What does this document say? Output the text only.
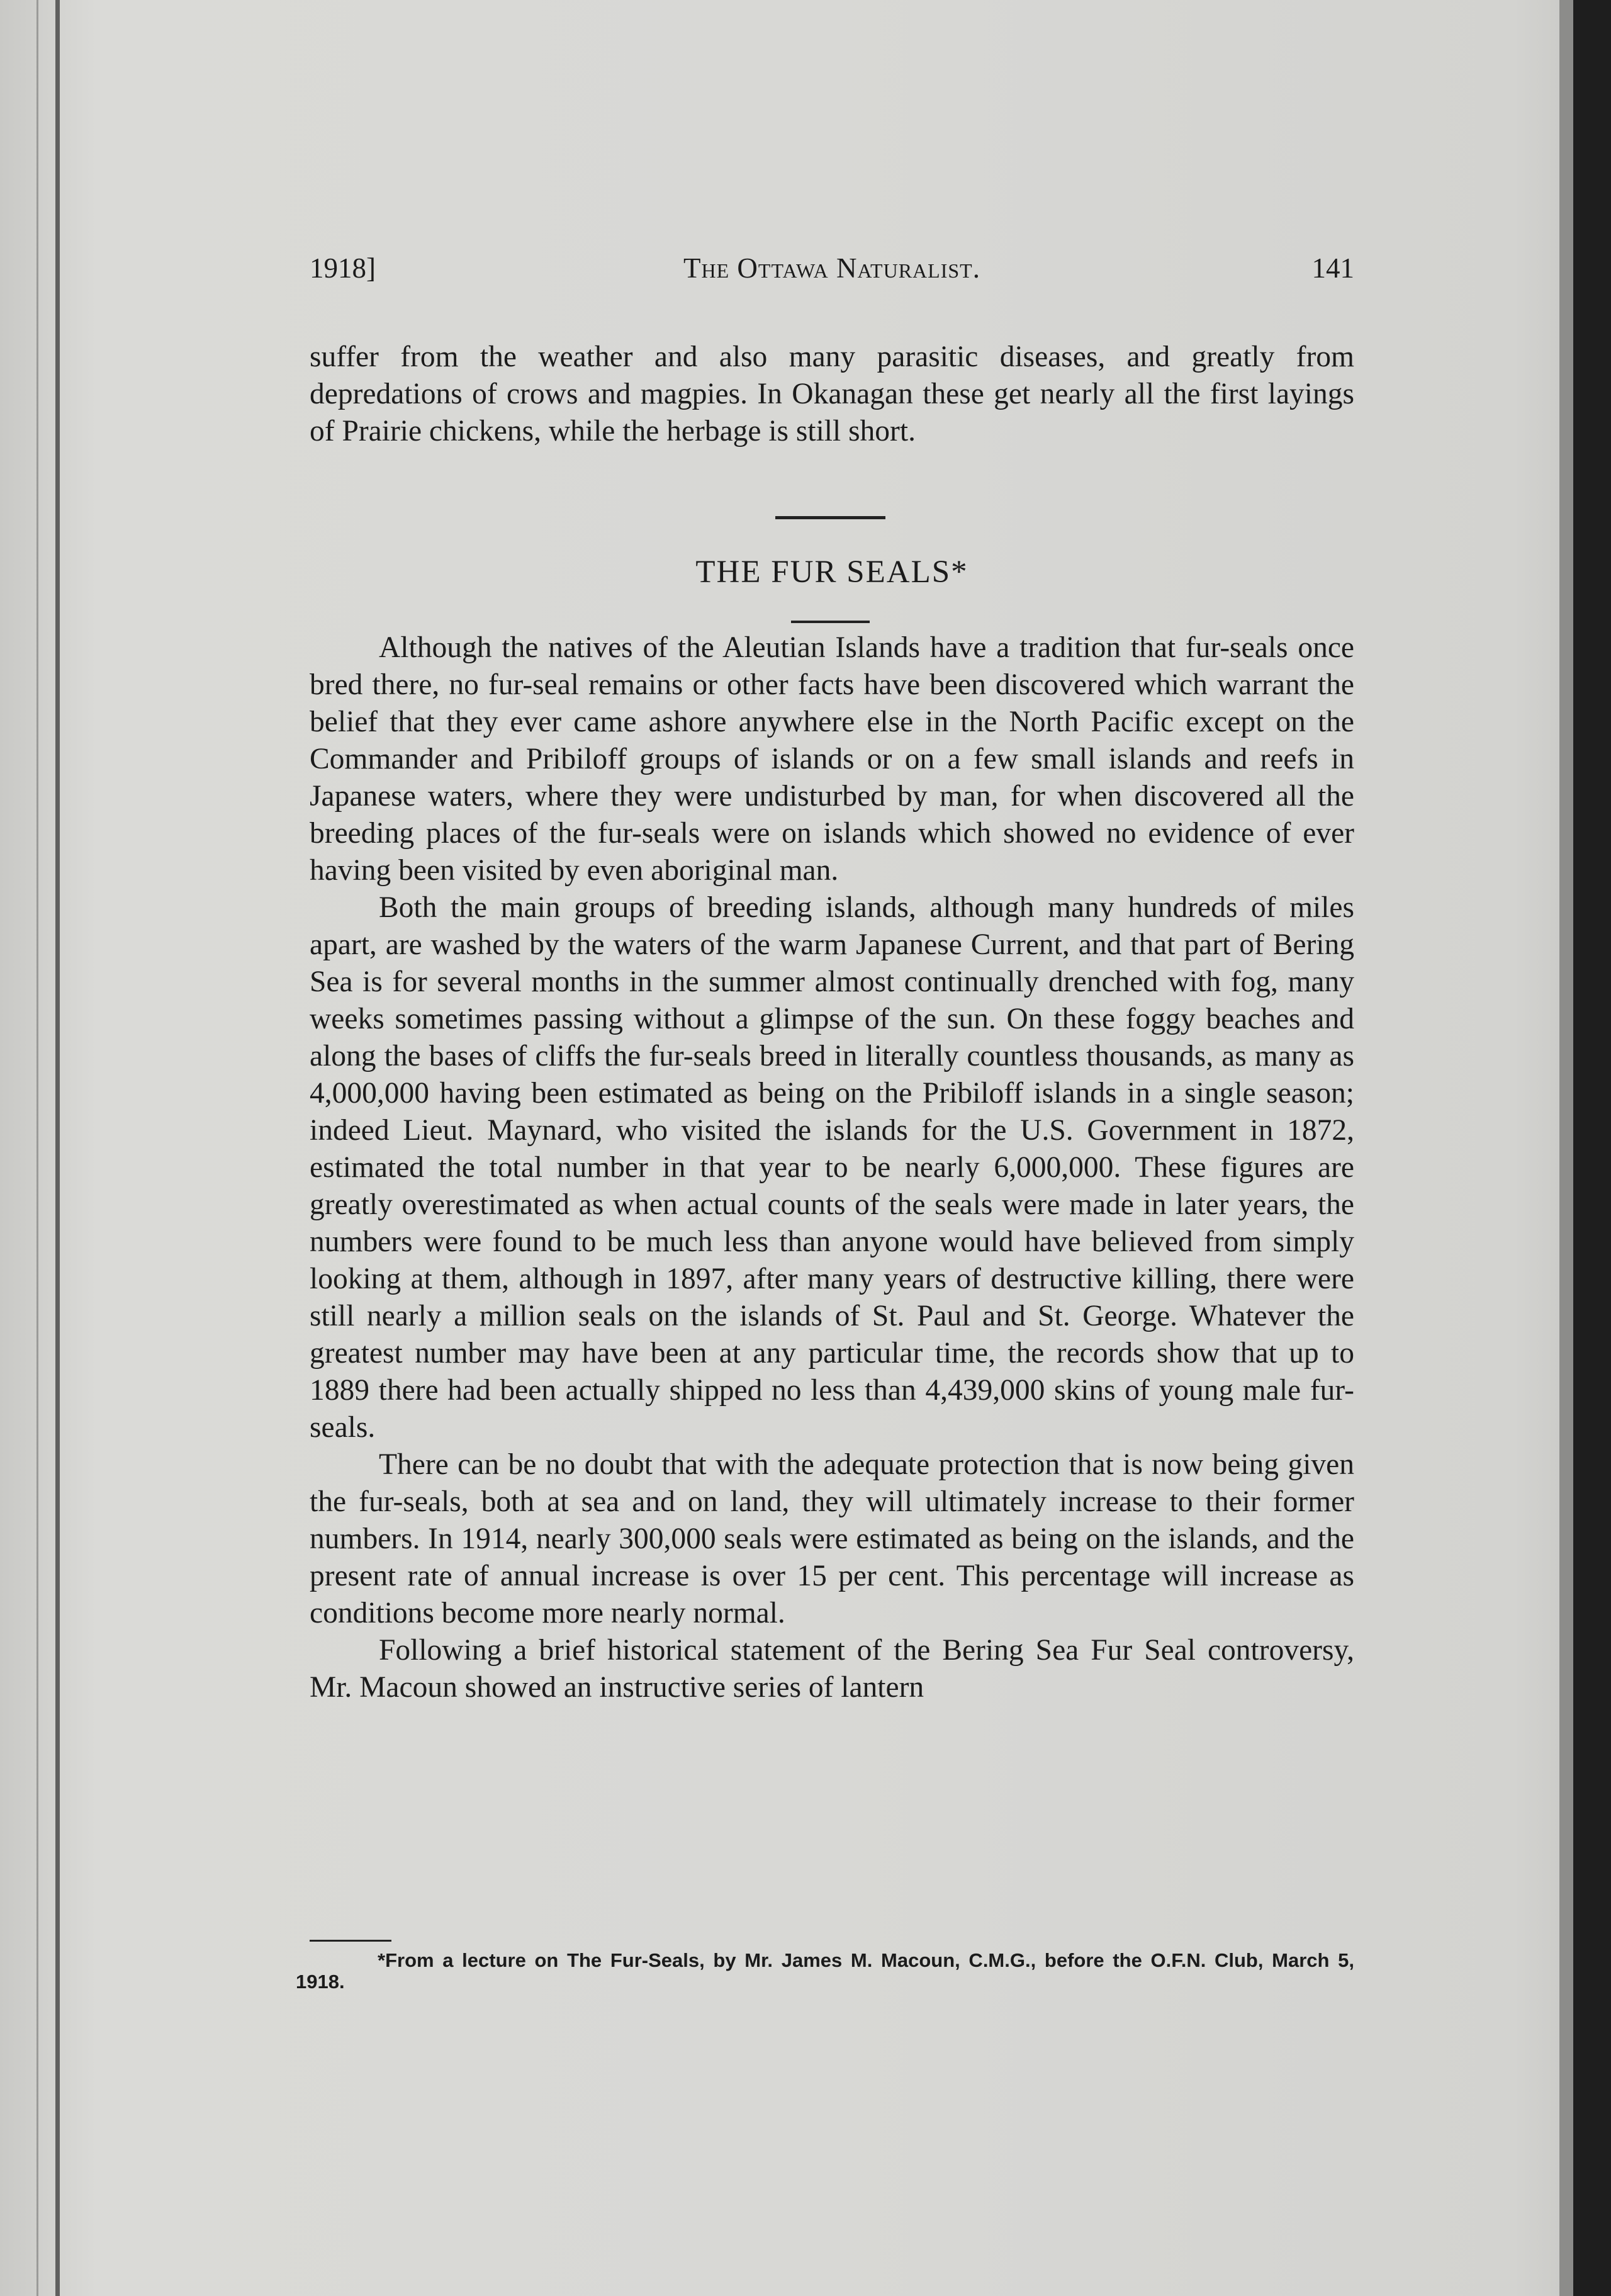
1918]	The Ottawa Naturalist.	141

suffer from the weather and also many parasitic diseases, and greatly from depredations of crows and magpies. In Okanagan these get nearly all the first layings of Prairie chickens, while the herbage is still short.

THE FUR SEALS*

Although the natives of the Aleutian Islands have a tradition that fur-seals once bred there, no fur-seal remains or other facts have been discovered which warrant the belief that they ever came ashore anywhere else in the North Pacific except on the Commander and Pribiloff groups of islands or on a few small islands and reefs in Japanese waters, where they were undisturbed by man, for when discovered all the breeding places of the fur-seals were on islands which showed no evidence of ever having been visited by even aboriginal man.

Both the main groups of breeding islands, although many hundreds of miles apart, are washed by the waters of the warm Japanese Current, and that part of Bering Sea is for several months in the summer almost continually drenched with fog, many weeks sometimes passing without a glimpse of the sun. On these foggy beaches and along the bases of cliffs the fur-seals breed in literally countless thousands, as many as 4,000,000 having been estimated as being on the Pribiloff islands in a single season; indeed Lieut. Maynard, who visited the islands for the U.S. Government in 1872, estimated the total number in that year to be nearly 6,000,000. These figures are greatly overestimated as when actual counts of the seals were made in later years, the numbers were found to be much less than anyone would have believed from simply looking at them, although in 1897, after many years of destructive killing, there were still nearly a million seals on the islands of St. Paul and St. George. Whatever the greatest number may have been at any particular time, the records show that up to 1889 there had been actually shipped no less than 4,439,000 skins of young male fur-seals.

There can be no doubt that with the adequate protection that is now being given the fur-seals, both at sea and on land, they will ultimately increase to their former numbers. In 1914, nearly 300,000 seals were estimated as being on the islands, and the present rate of annual increase is over 15 per cent. This percentage will increase as conditions become more nearly normal.

Following a brief historical statement of the Bering Sea Fur Seal controversy, Mr. Macoun showed an instructive series of lantern

*From a lecture on The Fur-Seals, by Mr. James M. Macoun, C.M.G., before the O.F.N. Club, March 5, 1918.
